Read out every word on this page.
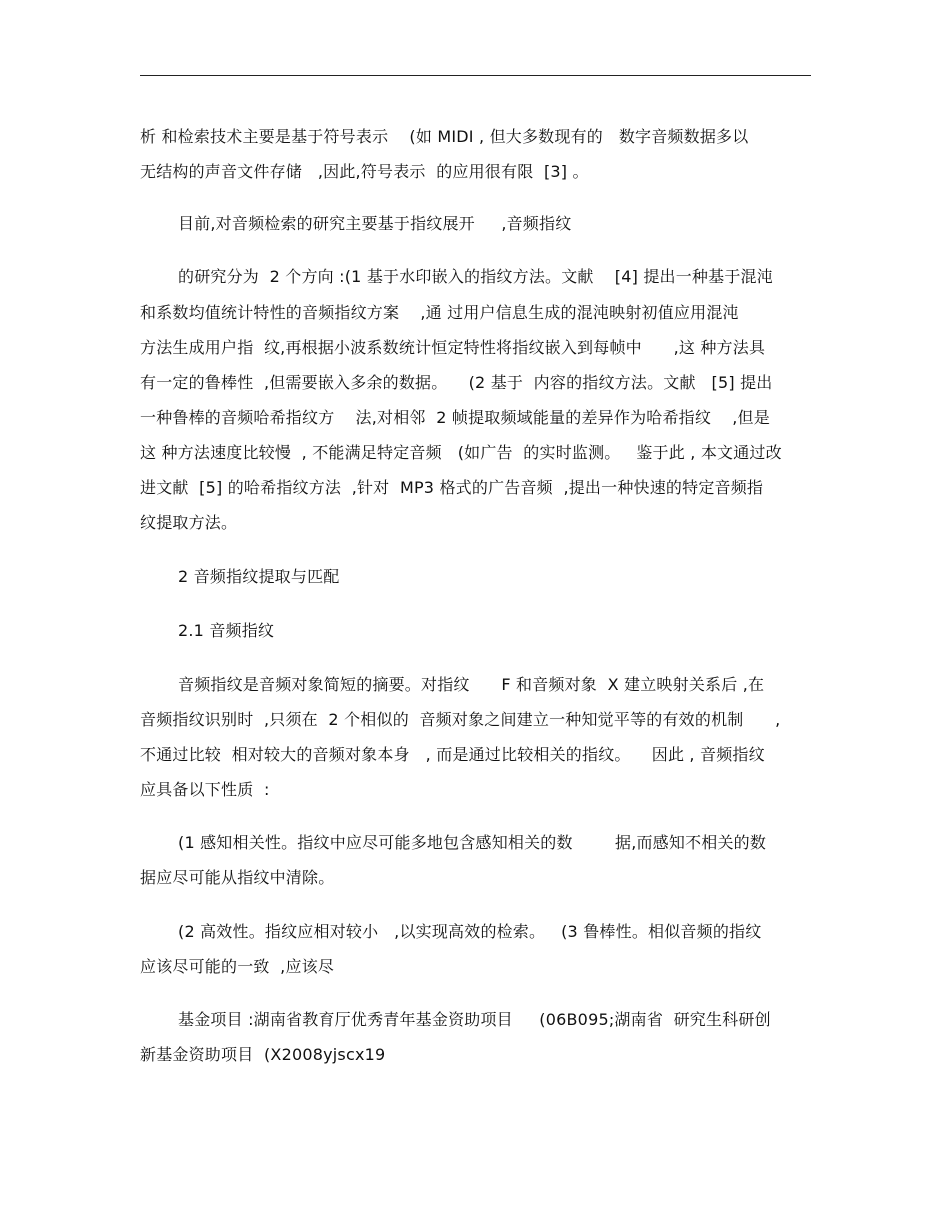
析 和检索技术主要是基于符号表示    (如 MIDI , 但大多数现有的   数字音频数据多以
无结构的声音文件存储   ,因此,符号表示  的应用很有限  [3] 。
目前,对音频检索的研究主要基于指纹展开     ,音频指纹
的研究分为  2 个方向 :(1 基于水印嵌入的指纹方法。文献    [4] 提出一种基于混沌
和系数均值统计特性的音频指纹方案    ,通 过用户信息生成的混沌映射初值应用混沌
方法生成用户指  纹,再根据小波系数统计恒定特性将指纹嵌入到每帧中      ,这 种方法具
有一定的鲁棒性  ,但需要嵌入多余的数据。    (2 基于  内容的指纹方法。文献   [5] 提出
一种鲁棒的音频哈希指纹方    法,对相邻  2 帧提取频域能量的差异作为哈希指纹    ,但是
这 种方法速度比较慢  , 不能满足特定音频   (如广告  的实时监测。   鉴于此 , 本文通过改
进文献  [5] 的哈希指纹方法  ,针对  MP3 格式的广告音频  ,提出一种快速的特定音频指
纹提取方法。
2 音频指纹提取与匹配
2.1 音频指纹
音频指纹是音频对象简短的摘要。对指纹      F 和音频对象  X 建立映射关系后 ,在
音频指纹识别时  ,只须在  2 个相似的  音频对象之间建立一种知觉平等的有效的机制      ,
不通过比较  相对较大的音频对象本身   , 而是通过比较相关的指纹。    因此 , 音频指纹
应具备以下性质  :
(1 感知相关性。指纹中应尽可能多地包含感知相关的数        据,而感知不相关的数
据应尽可能从指纹中清除。
(2 高效性。指纹应相对较小   ,以实现高效的检索。   (3 鲁棒性。相似音频的指纹
应该尽可能的一致  ,应该尽
基金项目 :湖南省教育厅优秀青年基金资助项目     (06B095;湖南省  研究生科研创
新基金资助项目  (X2008yjscx19
